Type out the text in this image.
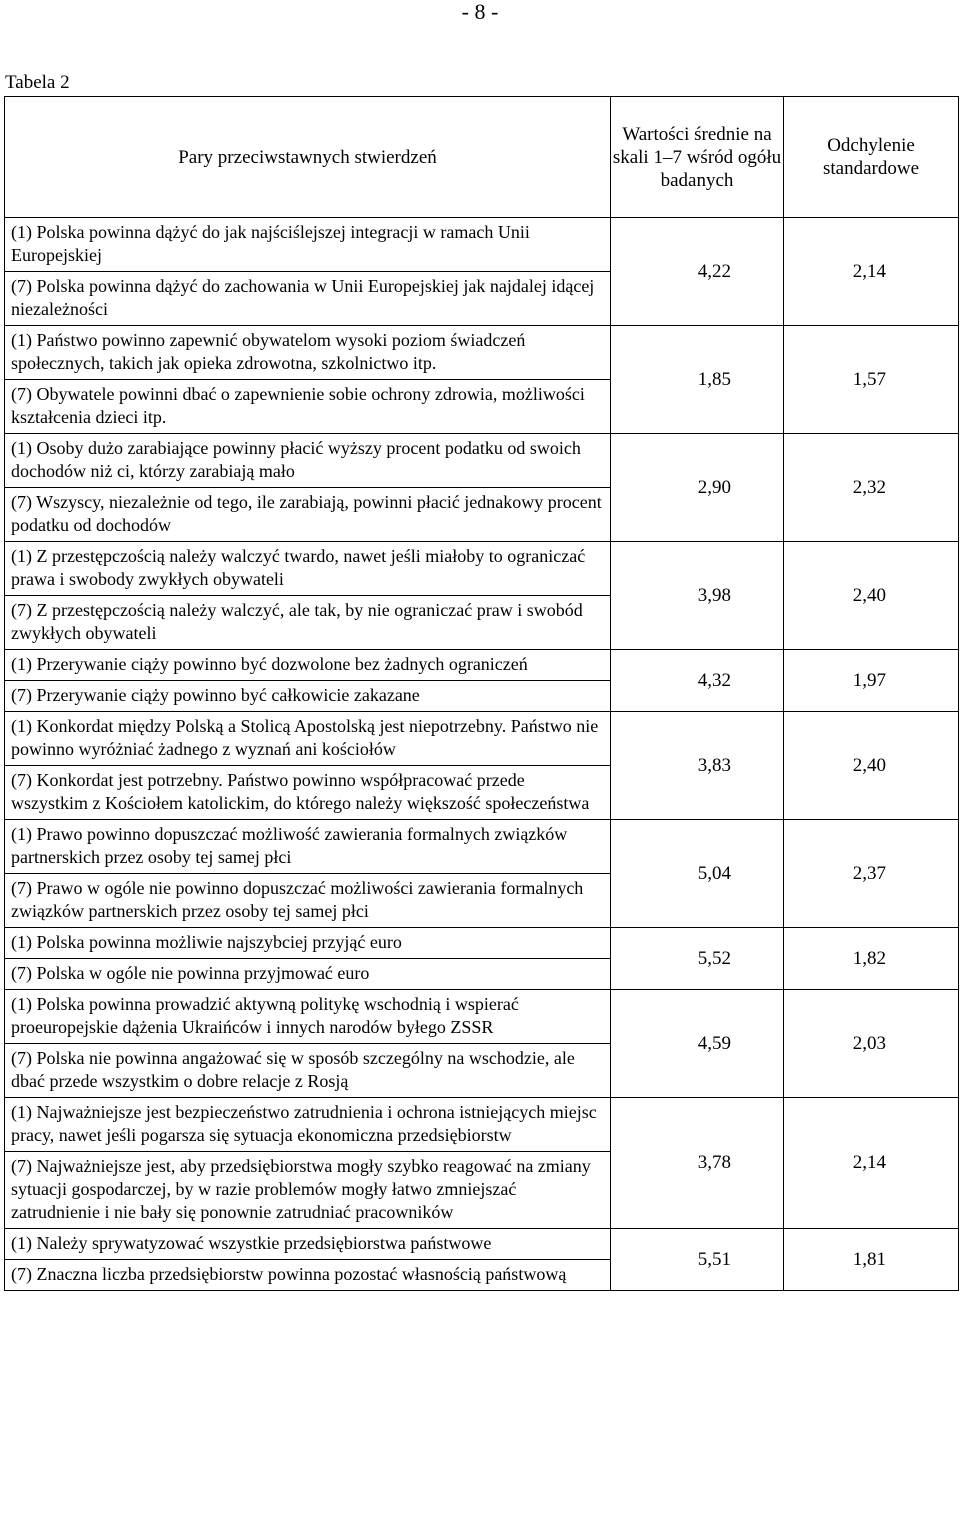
- 8 -
Tabela 2
Pary przeciwstawnych stwierdzeń	Wartości średnie na skali 1–7 wśród ogółu badanych	Odchylenie standardowe

(1) Polska powinna dążyć do jak najściślejszej integracji w ramach Unii Europejskiej
(7) Polska powinna dążyć do zachowania w Unii Europejskiej jak najdalej idącej niezależności	4,22	2,14

(1) Państwo powinno zapewnić obywatelom wysoki poziom świadczeń społecznych, takich jak opieka zdrowotna, szkolnictwo itp.
(7) Obywatele powinni dbać o zapewnienie sobie ochrony zdrowia, możliwości kształcenia dzieci itp.	1,85	1,57

(1) Osoby dużo zarabiające powinny płacić wyższy procent podatku od swoich dochodów niż ci, którzy zarabiają mało
(7) Wszyscy, niezależnie od tego, ile zarabiają, powinni płacić jednakowy procent podatku od dochodów	2,90	2,32

(1) Z przestępczością należy walczyć twardo, nawet jeśli miałoby to ograniczać prawa i swobody zwykłych obywateli
(7) Z przestępczością należy walczyć, ale tak, by nie ograniczać praw i swobód zwykłych obywateli	3,98	2,40

(1) Przerywanie ciąży powinno być dozwolone bez żadnych ograniczeń
(7) Przerywanie ciąży powinno być całkowicie zakazane	4,32	1,97

(1) Konkordat między Polską a Stolicą Apostolską jest niepotrzebny. Państwo nie powinno wyróżniać żadnego z wyznań ani kościołów
(7) Konkordat jest potrzebny. Państwo powinno współpracować przede wszystkim z Kościołem katolickim, do którego należy większość społeczeństwa	3,83	2,40

(1) Prawo powinno dopuszczać możliwość zawierania formalnych związków partnerskich przez osoby tej samej płci
(7) Prawo w ogóle nie powinno dopuszczać możliwości zawierania formalnych związków partnerskich przez osoby tej samej płci	5,04	2,37

(1) Polska powinna możliwie najszybciej przyjąć euro
(7) Polska w ogóle nie powinna przyjmować euro	5,52	1,82

(1) Polska powinna prowadzić aktywną politykę wschodnią i wspierać proeuropejskie dążenia Ukraińców i innych narodów byłego ZSSR
(7) Polska nie powinna angażować się w sposób szczególny na wschodzie, ale dbać przede wszystkim o dobre relacje z Rosją	4,59	2,03

(1) Najważniejsze jest bezpieczeństwo zatrudnienia i ochrona istniejących miejsc pracy, nawet jeśli pogarsza się sytuacja ekonomiczna przedsiębiorstw
(7) Najważniejsze jest, aby przedsiębiorstwa mogły szybko reagować na zmiany sytuacji gospodarczej, by w razie problemów mogły łatwo zmniejszać zatrudnienie i nie bały się ponownie zatrudniać pracowników	3,78	2,14

(1) Należy sprywatyzować wszystkie przedsiębiorstwa państwowe
(7) Znaczna liczba przedsiębiorstw powinna pozostać własnością państwową	5,51	1,81
